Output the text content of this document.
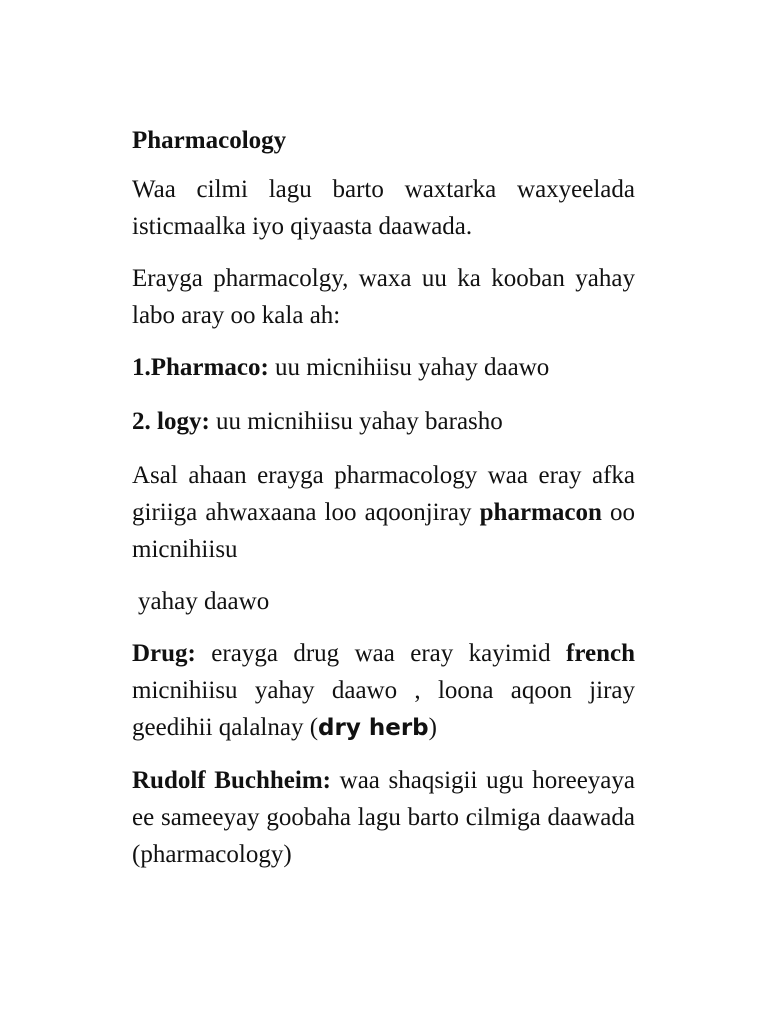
Pharmacology

Waa cilmi lagu barto waxtarka waxyeelada isticmaalka iyo qiyaasta daawada.

Erayga pharmacolgy, waxa uu ka kooban yahay labo aray oo kala ah:

1.Pharmaco: uu micnihiisu yahay daawo

2. logy: uu micnihiisu yahay barasho

Asal ahaan erayga pharmacology waa eray afka giriiga ahwaxaana loo aqoonjiray pharmacon oo micnihiisu

yahay daawo

Drug: erayga drug waa eray kayimid french micnihiisu yahay daawo , loona aqoon jiray geedihii qalalnay (dry herb)

Rudolf Buchheim: waa shaqsigii ugu horeeyaya ee sameeyay goobaha lagu barto cilmiga daawada (pharmacology)
